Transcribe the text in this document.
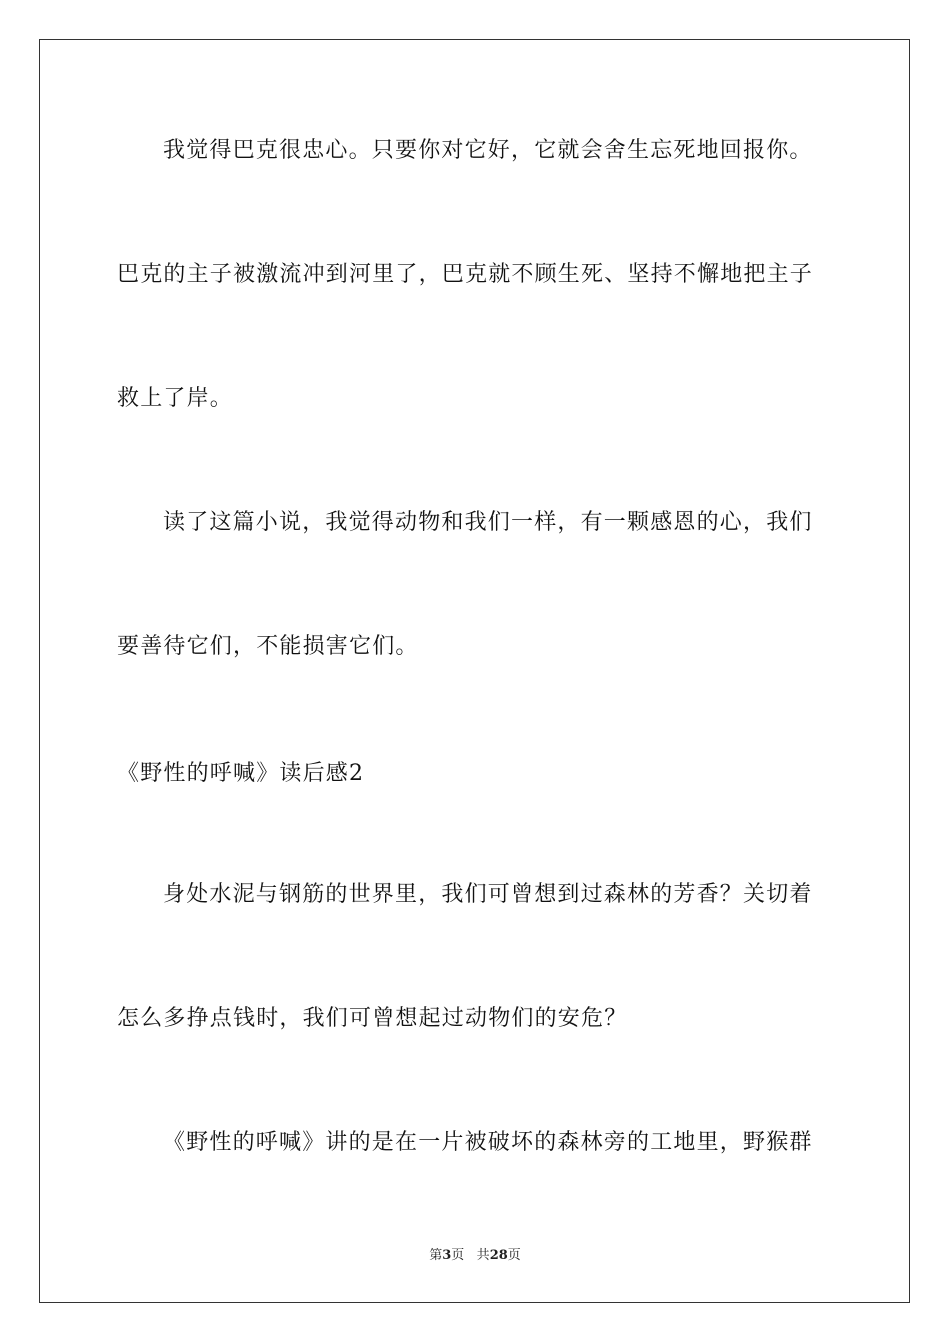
我觉得巴克很忠心。只要你对它好，它就会舍生忘死地回报你。
巴克的主子被激流冲到河里了，巴克就不顾生死、坚持不懈地把主子
救上了岸。
读了这篇小说，我觉得动物和我们一样，有一颗感恩的心，我们
要善待它们，不能损害它们。
《野性的呼喊》读后感2
身处水泥与钢筋的世界里，我们可曾想到过森林的芳香？关切着
怎么多挣点钱时，我们可曾想起过动物们的安危？
《野性的呼喊》讲的是在一片被破坏的森林旁的工地里，野猴群
第3页 共28页
